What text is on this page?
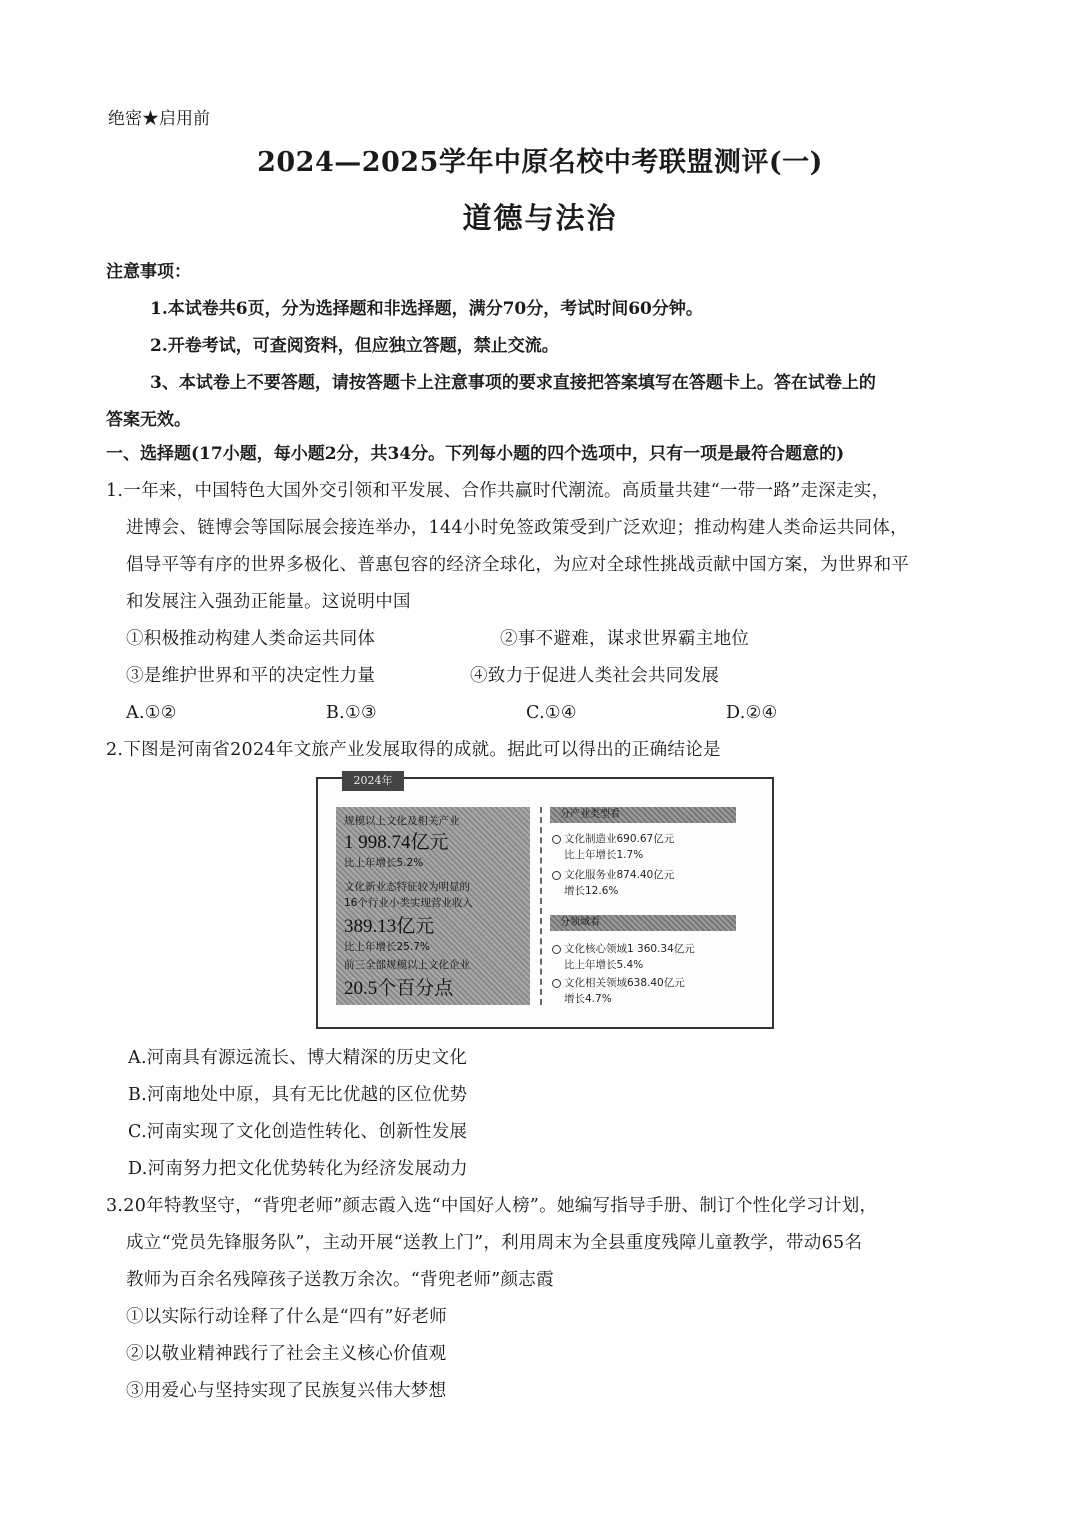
绝密★启用前
2024—2025学年中原名校中考联盟测评(一)
道德与法治
注意事项：
1.本试卷共6页，分为选择题和非选择题，满分70分，考试时间60分钟。
2.开卷考试，可查阅资料，但应独立答题，禁止交流。
3、本试卷上不要答题，请按答题卡上注意事项的要求直接把答案填写在答题卡上。答在试卷上的
答案无效。
一、选择题(17小题，每小题2分，共34分。下列每小题的四个选项中，只有一项是最符合题意的)
1.一年来，中国特色大国外交引领和平发展、合作共赢时代潮流。高质量共建“一带一路”走深走实，
进博会、链博会等国际展会接连举办，144小时免签政策受到广泛欢迎；推动构建人类命运共同体，
倡导平等有序的世界多极化、普惠包容的经济全球化，为应对全球性挑战贡献中国方案，为世界和平
和发展注入强劲正能量。这说明中国
①积极推动构建人类命运共同体	②事不避难，谋求世界霸主地位
③是维护世界和平的决定性力量	④致力于促进人类社会共同发展
A.①②	B.①③	C.①④	D.②④
2.下图是河南省2024年文旅产业发展取得的成就。据此可以得出的正确结论是
2024年
规模以上文化及相关产业
1 998.74亿元
比上年增长5.2%
文化新业态特征较为明显的
16个行业小类实现营业收入
389.13亿元
比上年增长25.7%
前三全部规模以上文化企业
20.5个百分点
分产业类型看
文化制造业690.67亿元
比上年增长1.7%
文化服务业874.40亿元
增长12.6%
分领域看
文化核心领域1 360.34亿元
比上年增长5.4%
文化相关领域638.40亿元
增长4.7%
A.河南具有源远流长、博大精深的历史文化
B.河南地处中原，具有无比优越的区位优势
C.河南实现了文化创造性转化、创新性发展
D.河南努力把文化优势转化为经济发展动力
3.20年特教坚守，“背兜老师”颜志霞入选“中国好人榜”。她编写指导手册、制订个性化学习计划，
成立“党员先锋服务队”，主动开展“送教上门”，利用周末为全县重度残障儿童教学，带动65名
教师为百余名残障孩子送教万余次。“背兜老师”颜志霞
①以实际行动诠释了什么是“四有”好老师
②以敬业精神践行了社会主义核心价值观
③用爱心与坚持实现了民族复兴伟大梦想
